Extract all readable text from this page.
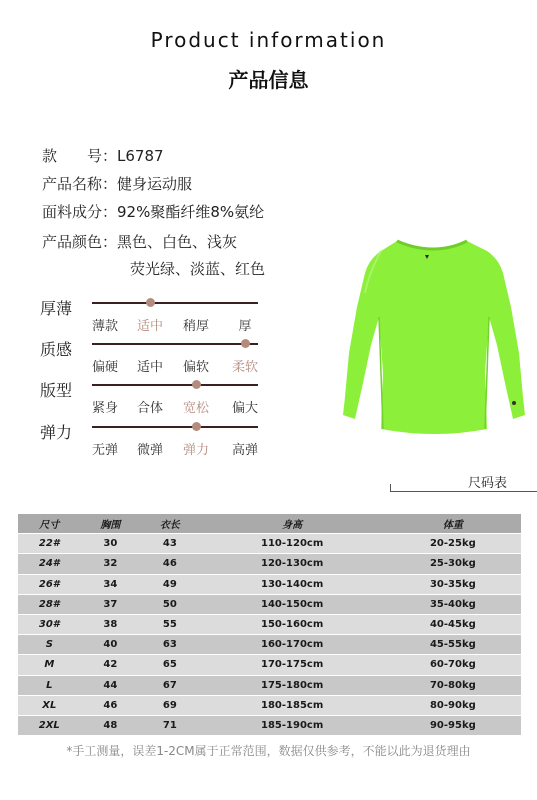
Product information
产品信息
款　　号：L6787
产品名称：健身运动服
面料成分：92%聚酯纤维8%氨纶
产品颜色：黑色、白色、浅灰
荧光绿、淡蓝、红色
厚薄
薄款	适中	稍厚	厚
质感
偏硬	适中	偏软	柔软
版型
紧身	合体	宽松	偏大
弹力
无弹	微弹	弹力	高弹
尺码表
尺寸	胸围	衣长	身高	体重
22#	30	43	110-120cm	20-25kg
24#	32	46	120-130cm	25-30kg
26#	34	49	130-140cm	30-35kg
28#	37	50	140-150cm	35-40kg
30#	38	55	150-160cm	40-45kg
S	40	63	160-170cm	45-55kg
M	42	65	170-175cm	60-70kg
L	44	67	175-180cm	70-80kg
XL	46	69	180-185cm	80-90kg
2XL	48	71	185-190cm	90-95kg
*手工测量，误差1-2CM属于正常范围，数据仅供参考，不能以此为退货理由
